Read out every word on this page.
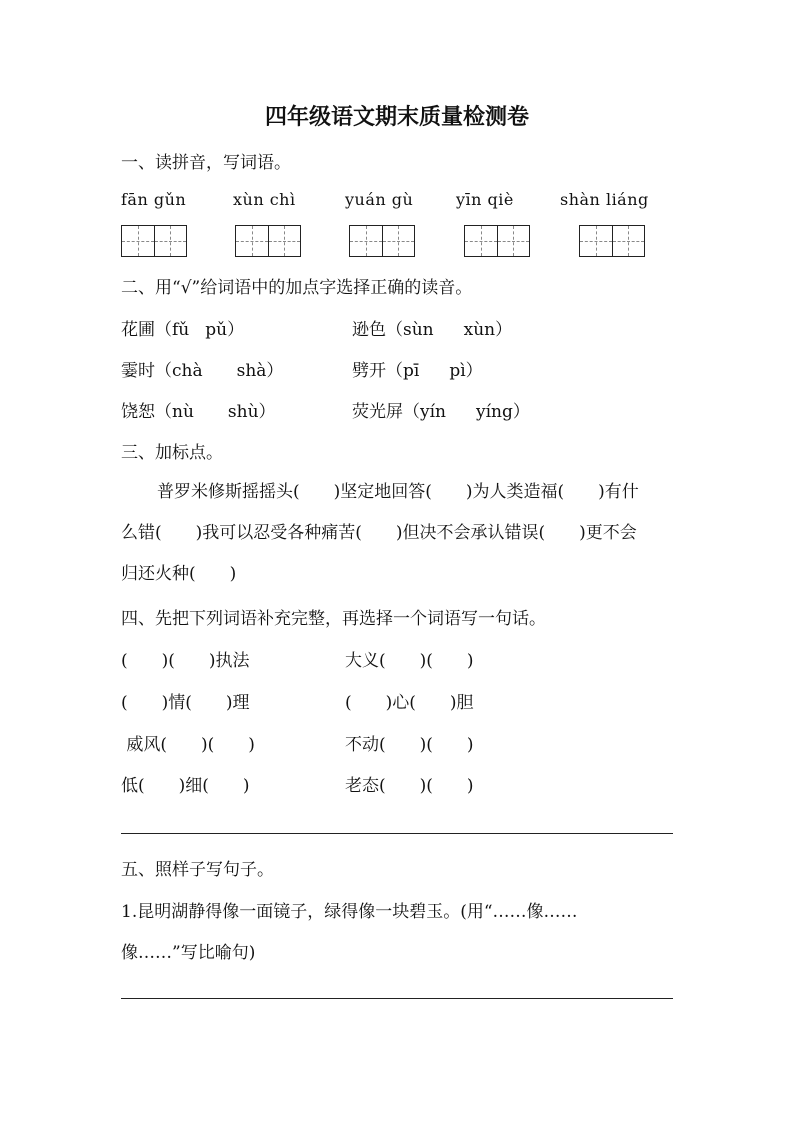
四年级语文期末质量检测卷
一、读拼音，写词语。
fān gǔn	xùn chì	yuán gù	yīn qiè	shàn liáng
二、用“√”给词语中的加点字选择正确的读音。
花圃（fǔ pǔ）	逊色（sùn xùn）
霎时（chà shà）	劈开（pī pì）
饶恕（nù shù）	荧光屏（yín yíng）
三、加标点。

普罗米修斯摇摇头(　　)坚定地回答(　　)为人类造福(　　)有什

么错(　　)我可以忍受各种痛苦(　　)但决不会承认错误(　　)更不会

归还火种(　　)

四、先把下列词语补充完整，再选择一个词语写一句话。
(　　)(　　)执法	大义(　　)(　　)
(　　)情(　　)理	(　　)心(　　)胆
威风(　　)(　　)	不动(　　)(　　)
低(　　)细(　　)	老态(　　)(　　)
五、照样子写句子。
1.昆明湖静得像一面镜子，绿得像一块碧玉。(用“……像……
像……”写比喻句)
